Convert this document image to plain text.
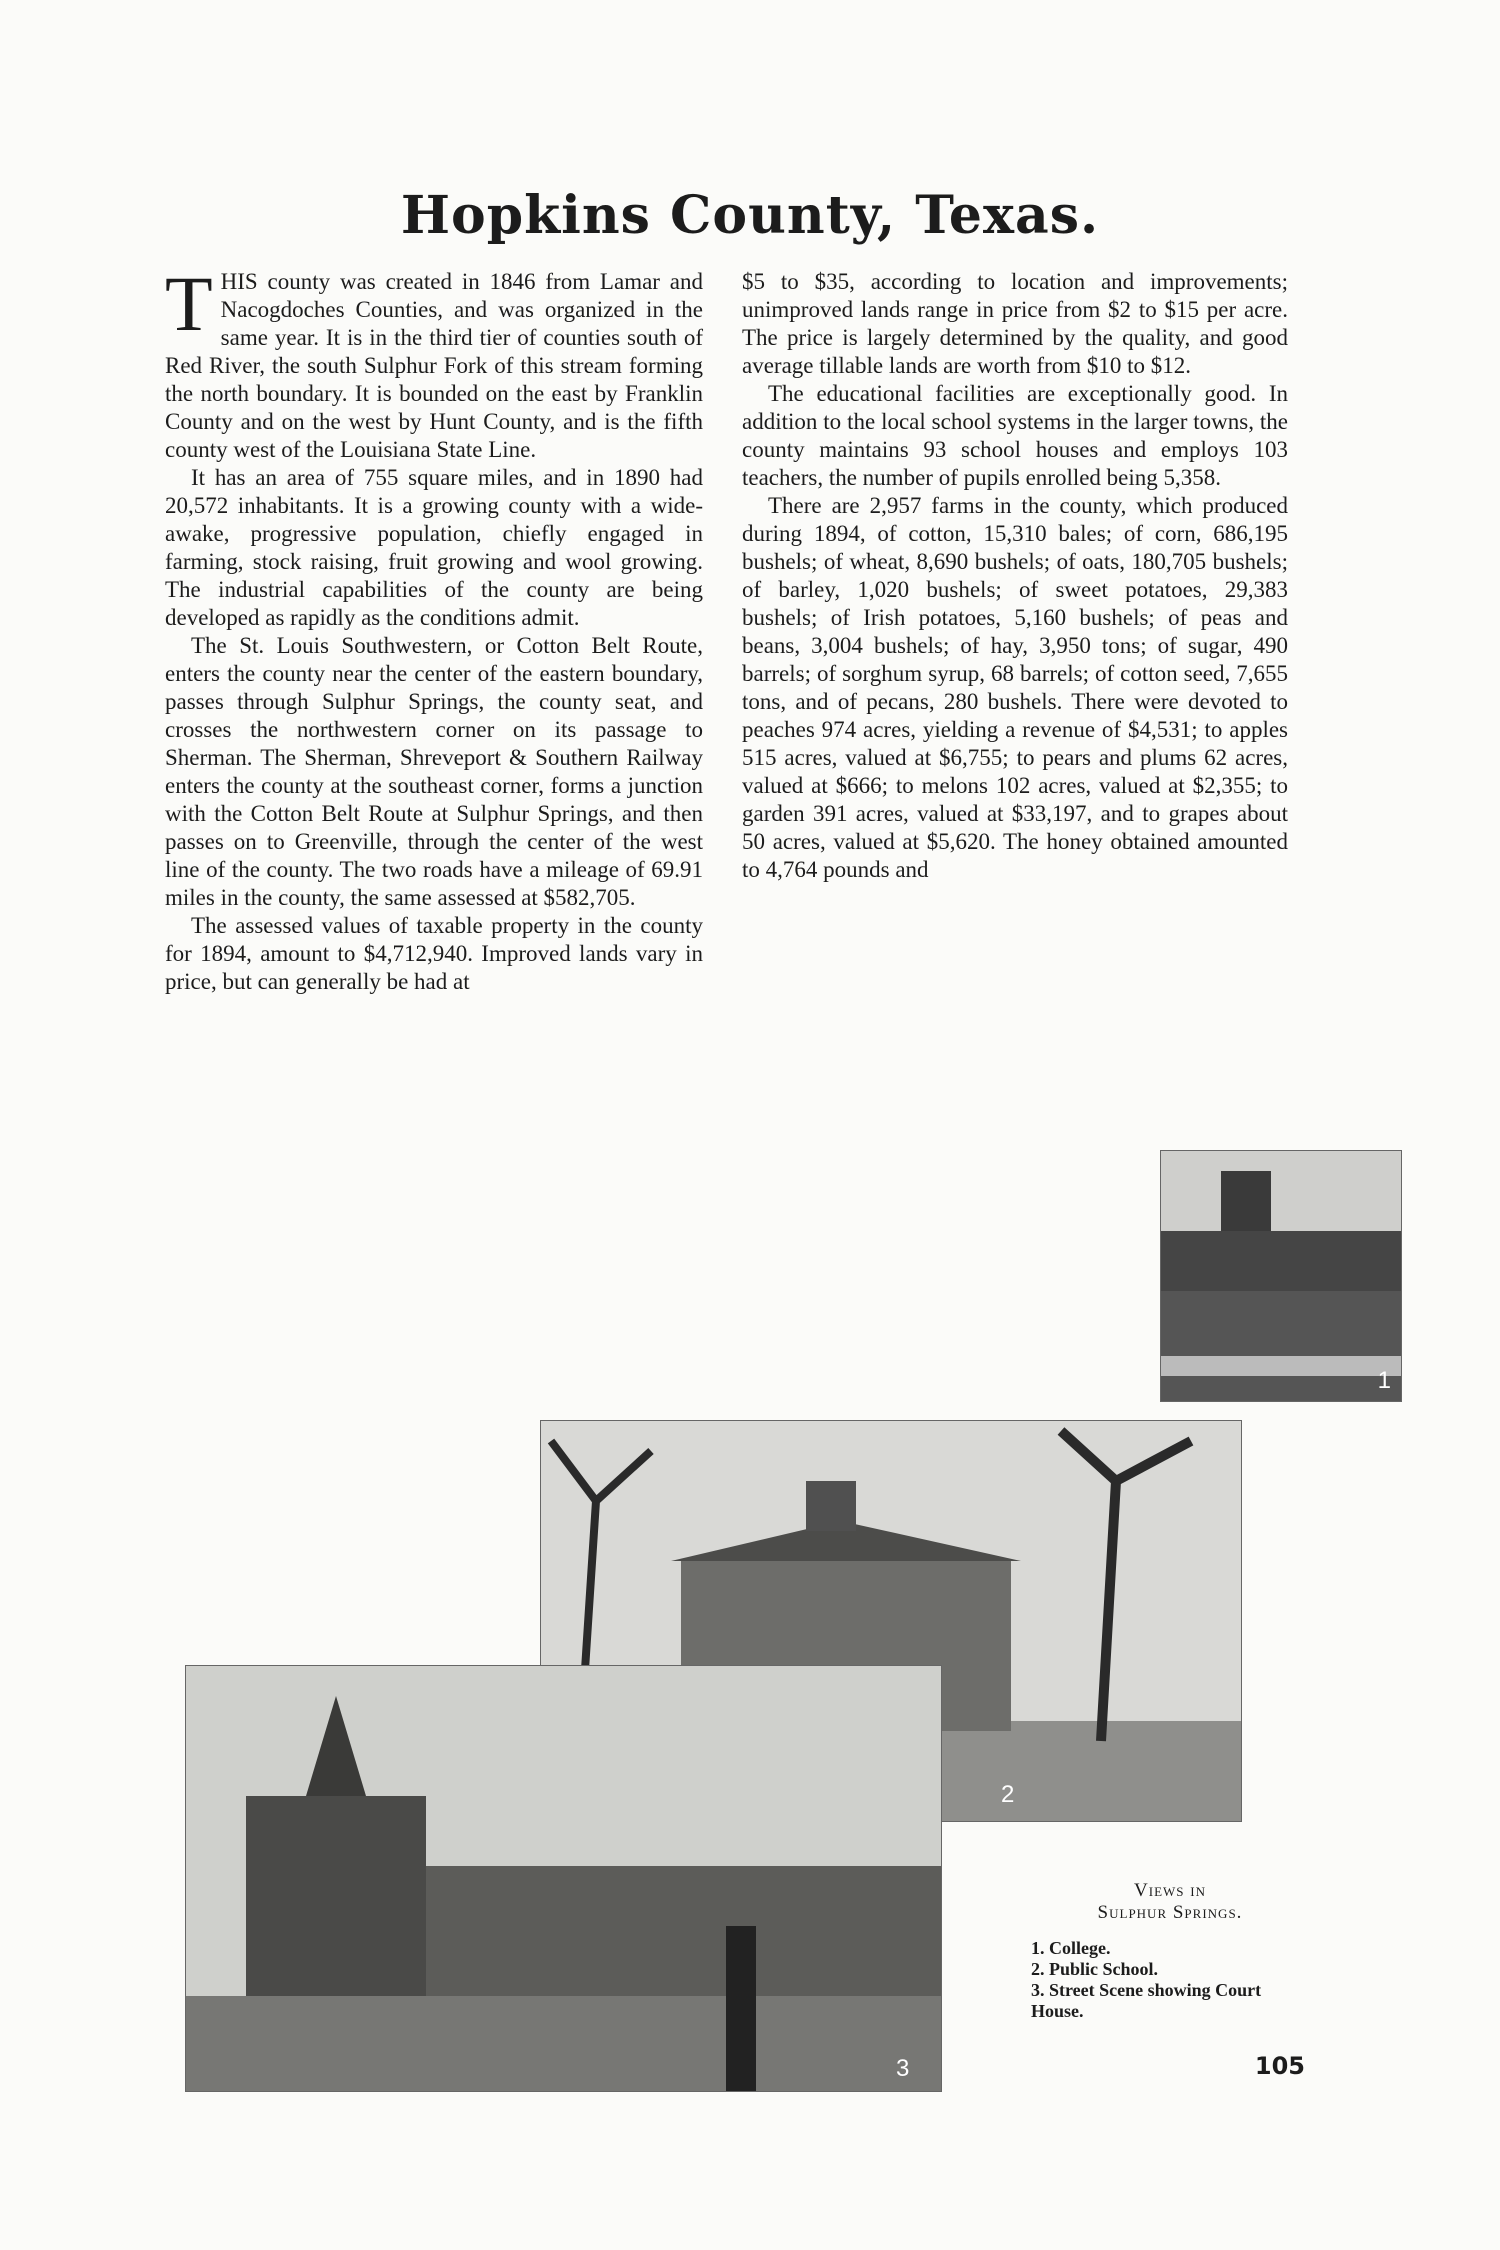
Hopkins County, Texas.

THIS county was created in 1846 from Lamar and Nacogdoches Counties, and was organized in the same year. It is in the third tier of counties south of Red River, the south Sulphur Fork of this stream forming the north boundary. It is bounded on the east by Franklin County and on the west by Hunt County, and is the fifth county west of the Louisiana State Line.

It has an area of 755 square miles, and in 1890 had 20,572 inhabitants. It is a growing county with a wide-awake, progressive population, chiefly engaged in farming, stock raising, fruit growing and wool growing. The industrial capabilities of the county are being developed as rapidly as the conditions admit.

The St. Louis Southwestern, or Cotton Belt Route, enters the county near the center of the eastern boundary, passes through Sulphur Springs, the county seat, and crosses the northwestern corner on its passage to Sherman. The Sherman, Shreveport & Southern Railway enters the county at the southeast corner, forms a junction with the Cotton Belt Route at Sulphur Springs, and then passes on to Greenville, through the center of the west line of the county. The two roads have a mileage of 69.91 miles in the county, the same assessed at $582,705.

The assessed values of taxable property in the county for 1894, amount to $4,712,940. Improved lands vary in price, but can generally be had at

$5 to $35, according to location and improvements; unimproved lands range in price from $2 to $15 per acre. The price is largely determined by the quality, and good average tillable lands are worth from $10 to $12.

The educational facilities are exceptionally good. In addition to the local school systems in the larger towns, the county maintains 93 school houses and employs 103 teachers, the number of pupils enrolled being 5,358.

There are 2,957 farms in the county, which produced during 1894, of cotton, 15,310 bales; of corn, 686,195 bushels; of wheat, 8,690 bushels; of oats, 180,705 bushels; of barley, 1,020 bushels; of sweet potatoes, 29,383 bushels; of Irish potatoes, 5,160 bushels; of peas and beans, 3,004 bushels; of hay, 3,950 tons; of sugar, 490 barrels; of sorghum syrup, 68 barrels; of cotton seed, 7,655 tons, and of pecans, 280 bushels. There were devoted to peaches 974 acres, yielding a revenue of $4,531; to apples 515 acres, valued at $6,755; to pears and plums 62 acres, valued at $666; to melons 102 acres, valued at $2,355; to garden 391 acres, valued at $33,197, and to grapes about 50 acres, valued at $5,620. The honey obtained amounted to 4,764 pounds and

1
2
3
Views in
Sulphur Springs.
1. College.
2. Public School.
3. Street Scene showing Court House.
105
